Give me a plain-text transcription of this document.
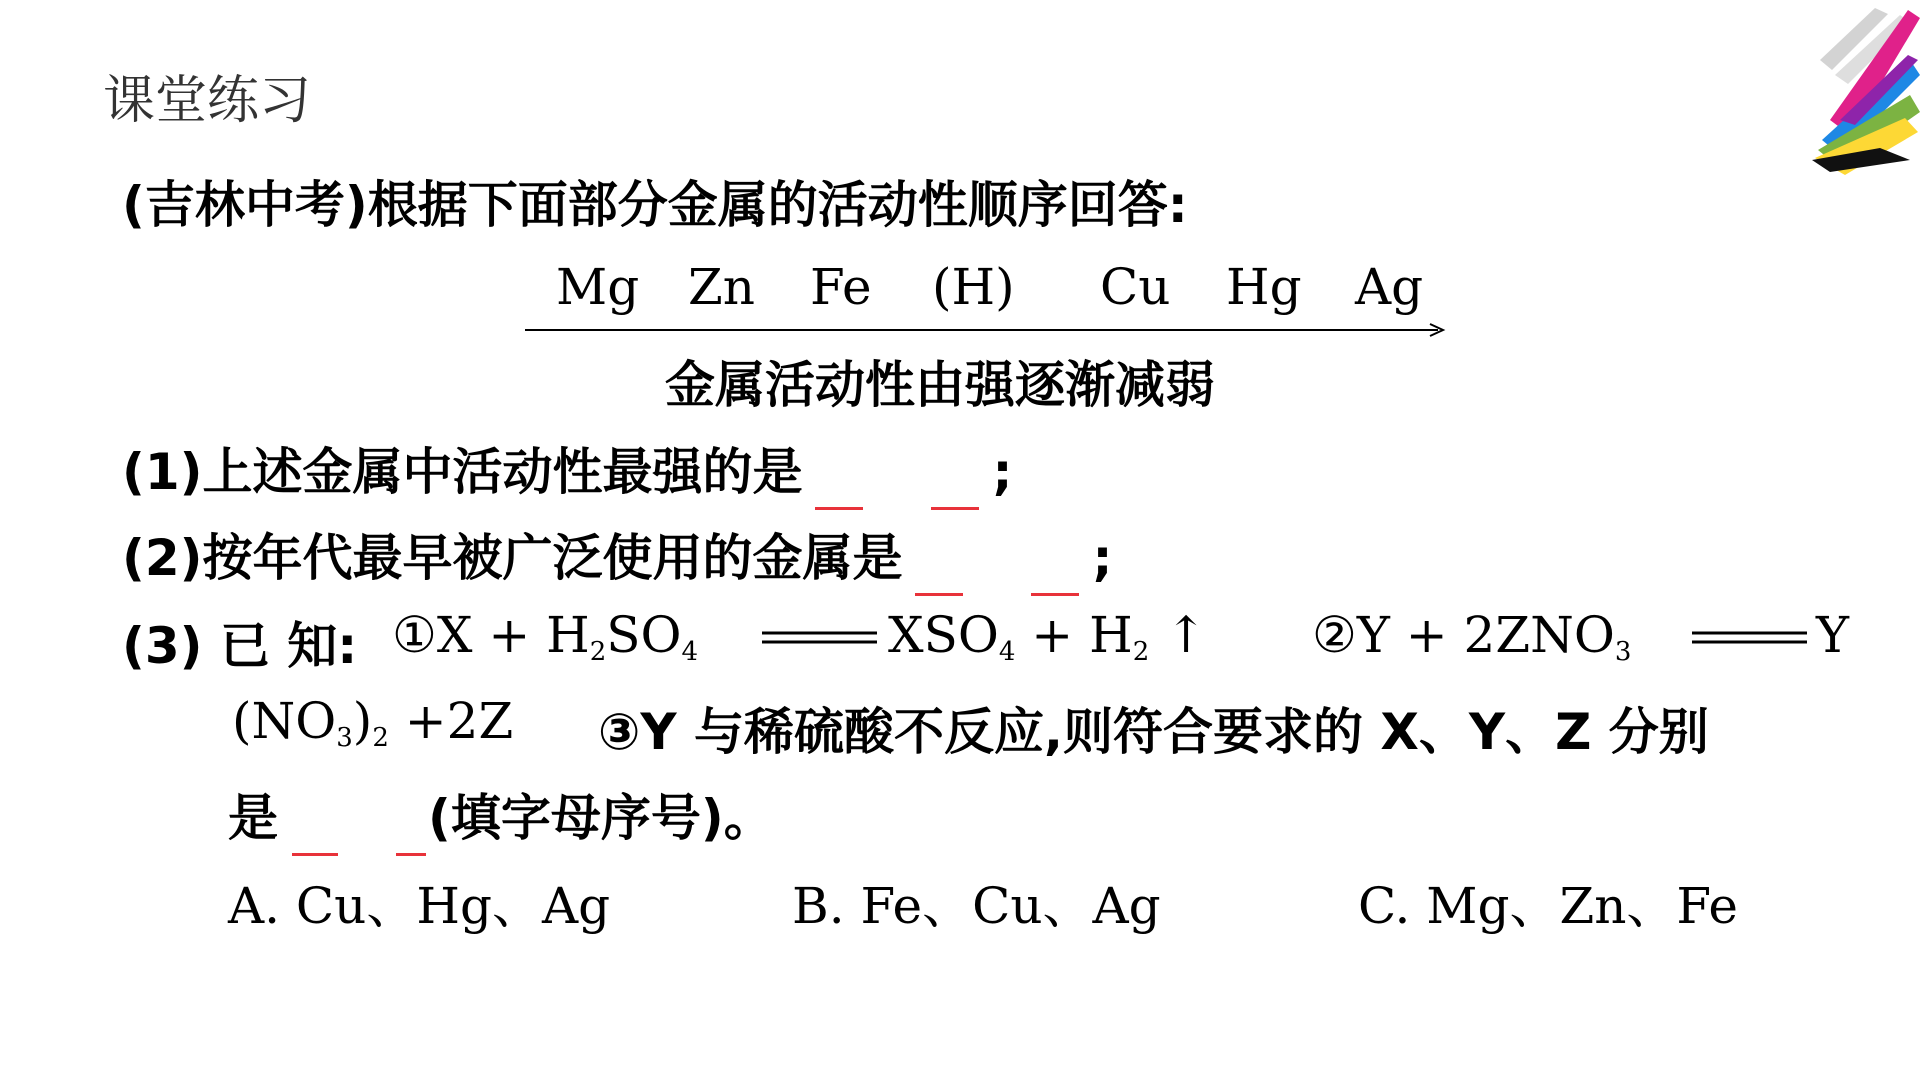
课堂练习
(吉林中考)根据下面部分金属的活动性顺序回答:
Mg Zn Fe (H) Cu Hg Ag
金属活动性由强逐渐减弱
(1)上述金属中活动性最强的是	;
(2)按年代最早被广泛使用的金属是	;
(3) 已 知: ①X + $H_2SO_4$	$XSO_4 + H_2$ ↑ ②Y + $2ZNO_3$	Y
$(NO_3)_2 +2Z$ ③Y 与稀硫酸不反应,则符合要求的 X、Y、Z 分别
是	(填字母序号)。
A. Cu、Hg、Ag	B. Fe、Cu、Ag	C. Mg、Zn、Fe
